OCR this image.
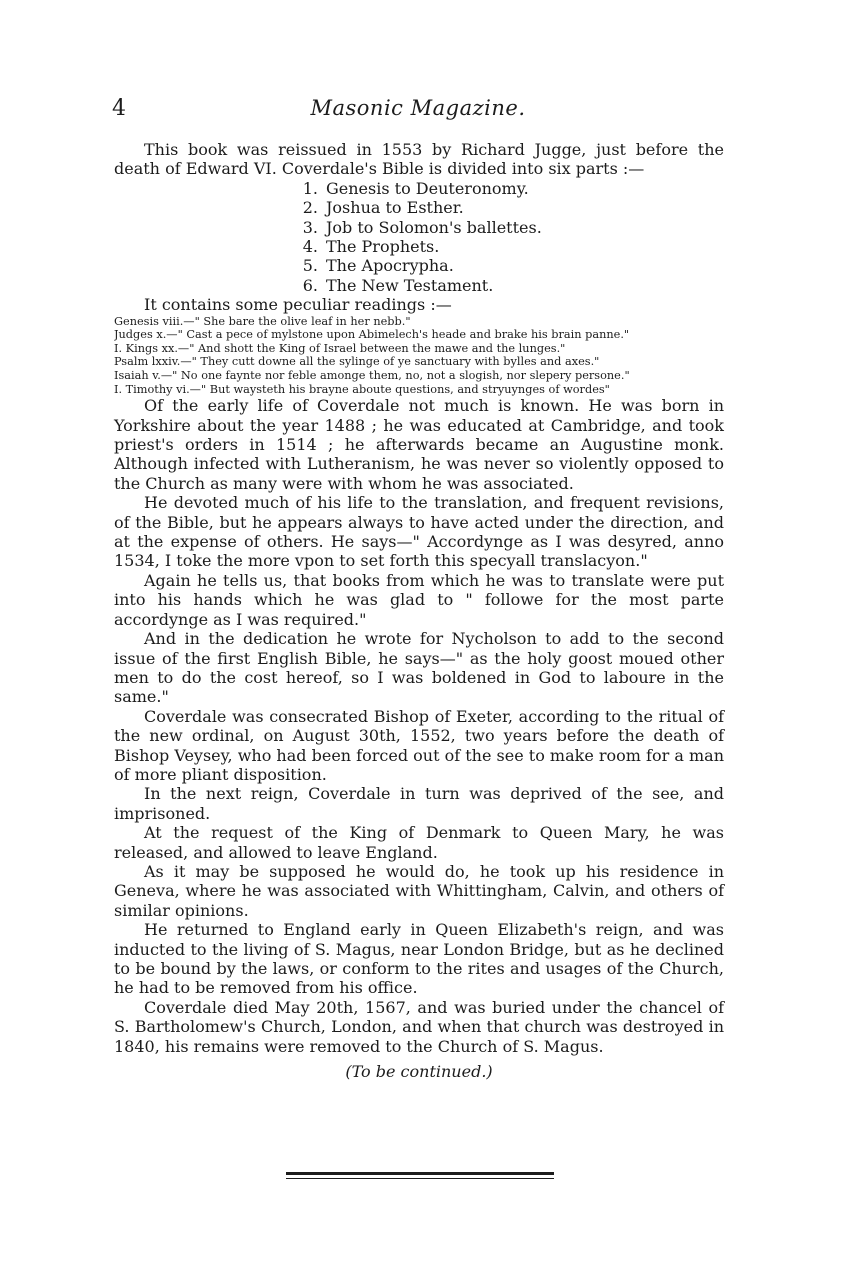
4	Masonic Magazine.

This book was reissued in 1553 by Richard Jugge, just before the death of Edward VI. Coverdale's Bible is divided into six parts :—

1. Genesis to Deuteronomy.
2. Joshua to Esther.
3. Job to Solomon's ballettes.
4. The Prophets.
5. The Apocrypha.
6. The New Testament.

It contains some peculiar readings :—

Genesis viii.—" She bare the olive leaf in her nebb."
Judges x.—" Cast a pece of mylstone upon Abimelech's heade and brake his brain panne."
I. Kings xx.—" And shott the King of Israel between the mawe and the lunges."
Psalm lxxiv.—" They cutt downe all the sylinge of ye sanctuary with bylles and axes."
Isaiah v.—" No one faynte nor feble amonge them, no, not a slogish, nor slepery persone."
I. Timothy vi.—" But waysteth his brayne aboute questions, and stryuynges of wordes"

Of the early life of Coverdale not much is known. He was born in Yorkshire about the year 1488 ; he was educated at Cambridge, and took priest's orders in 1514 ; he afterwards became an Augustine monk. Although infected with Lutheranism, he was never so violently opposed to the Church as many were with whom he was associated.

He devoted much of his life to the translation, and frequent revisions, of the Bible, but he appears always to have acted under the direction, and at the expense of others. He says—" Accordynge as I was desyred, anno 1534, I toke the more vpon to set forth this specyall translacyon."

Again he tells us, that books from which he was to translate were put into his hands which he was glad to " followe for the most parte accordynge as I was required."

And in the dedication he wrote for Nycholson to add to the second issue of the first English Bible, he says—" as the holy goost moued other men to do the cost hereof, so I was boldened in God to laboure in the same."

Coverdale was consecrated Bishop of Exeter, according to the ritual of the new ordinal, on August 30th, 1552, two years before the death of Bishop Veysey, who had been forced out of the see to make room for a man of more pliant disposition.

In the next reign, Coverdale in turn was deprived of the see, and imprisoned.

At the request of the King of Denmark to Queen Mary, he was released, and allowed to leave England.

As it may be supposed he would do, he took up his residence in Geneva, where he was associated with Whittingham, Calvin, and others of similar opinions.

He returned to England early in Queen Elizabeth's reign, and was inducted to the living of S. Magus, near London Bridge, but as he declined to be bound by the laws, or conform to the rites and usages of the Church, he had to be removed from his office.

Coverdale died May 20th, 1567, and was buried under the chancel of S. Bartholomew's Church, London, and when that church was destroyed in 1840, his remains were removed to the Church of S. Magus.

(To be continued.)
